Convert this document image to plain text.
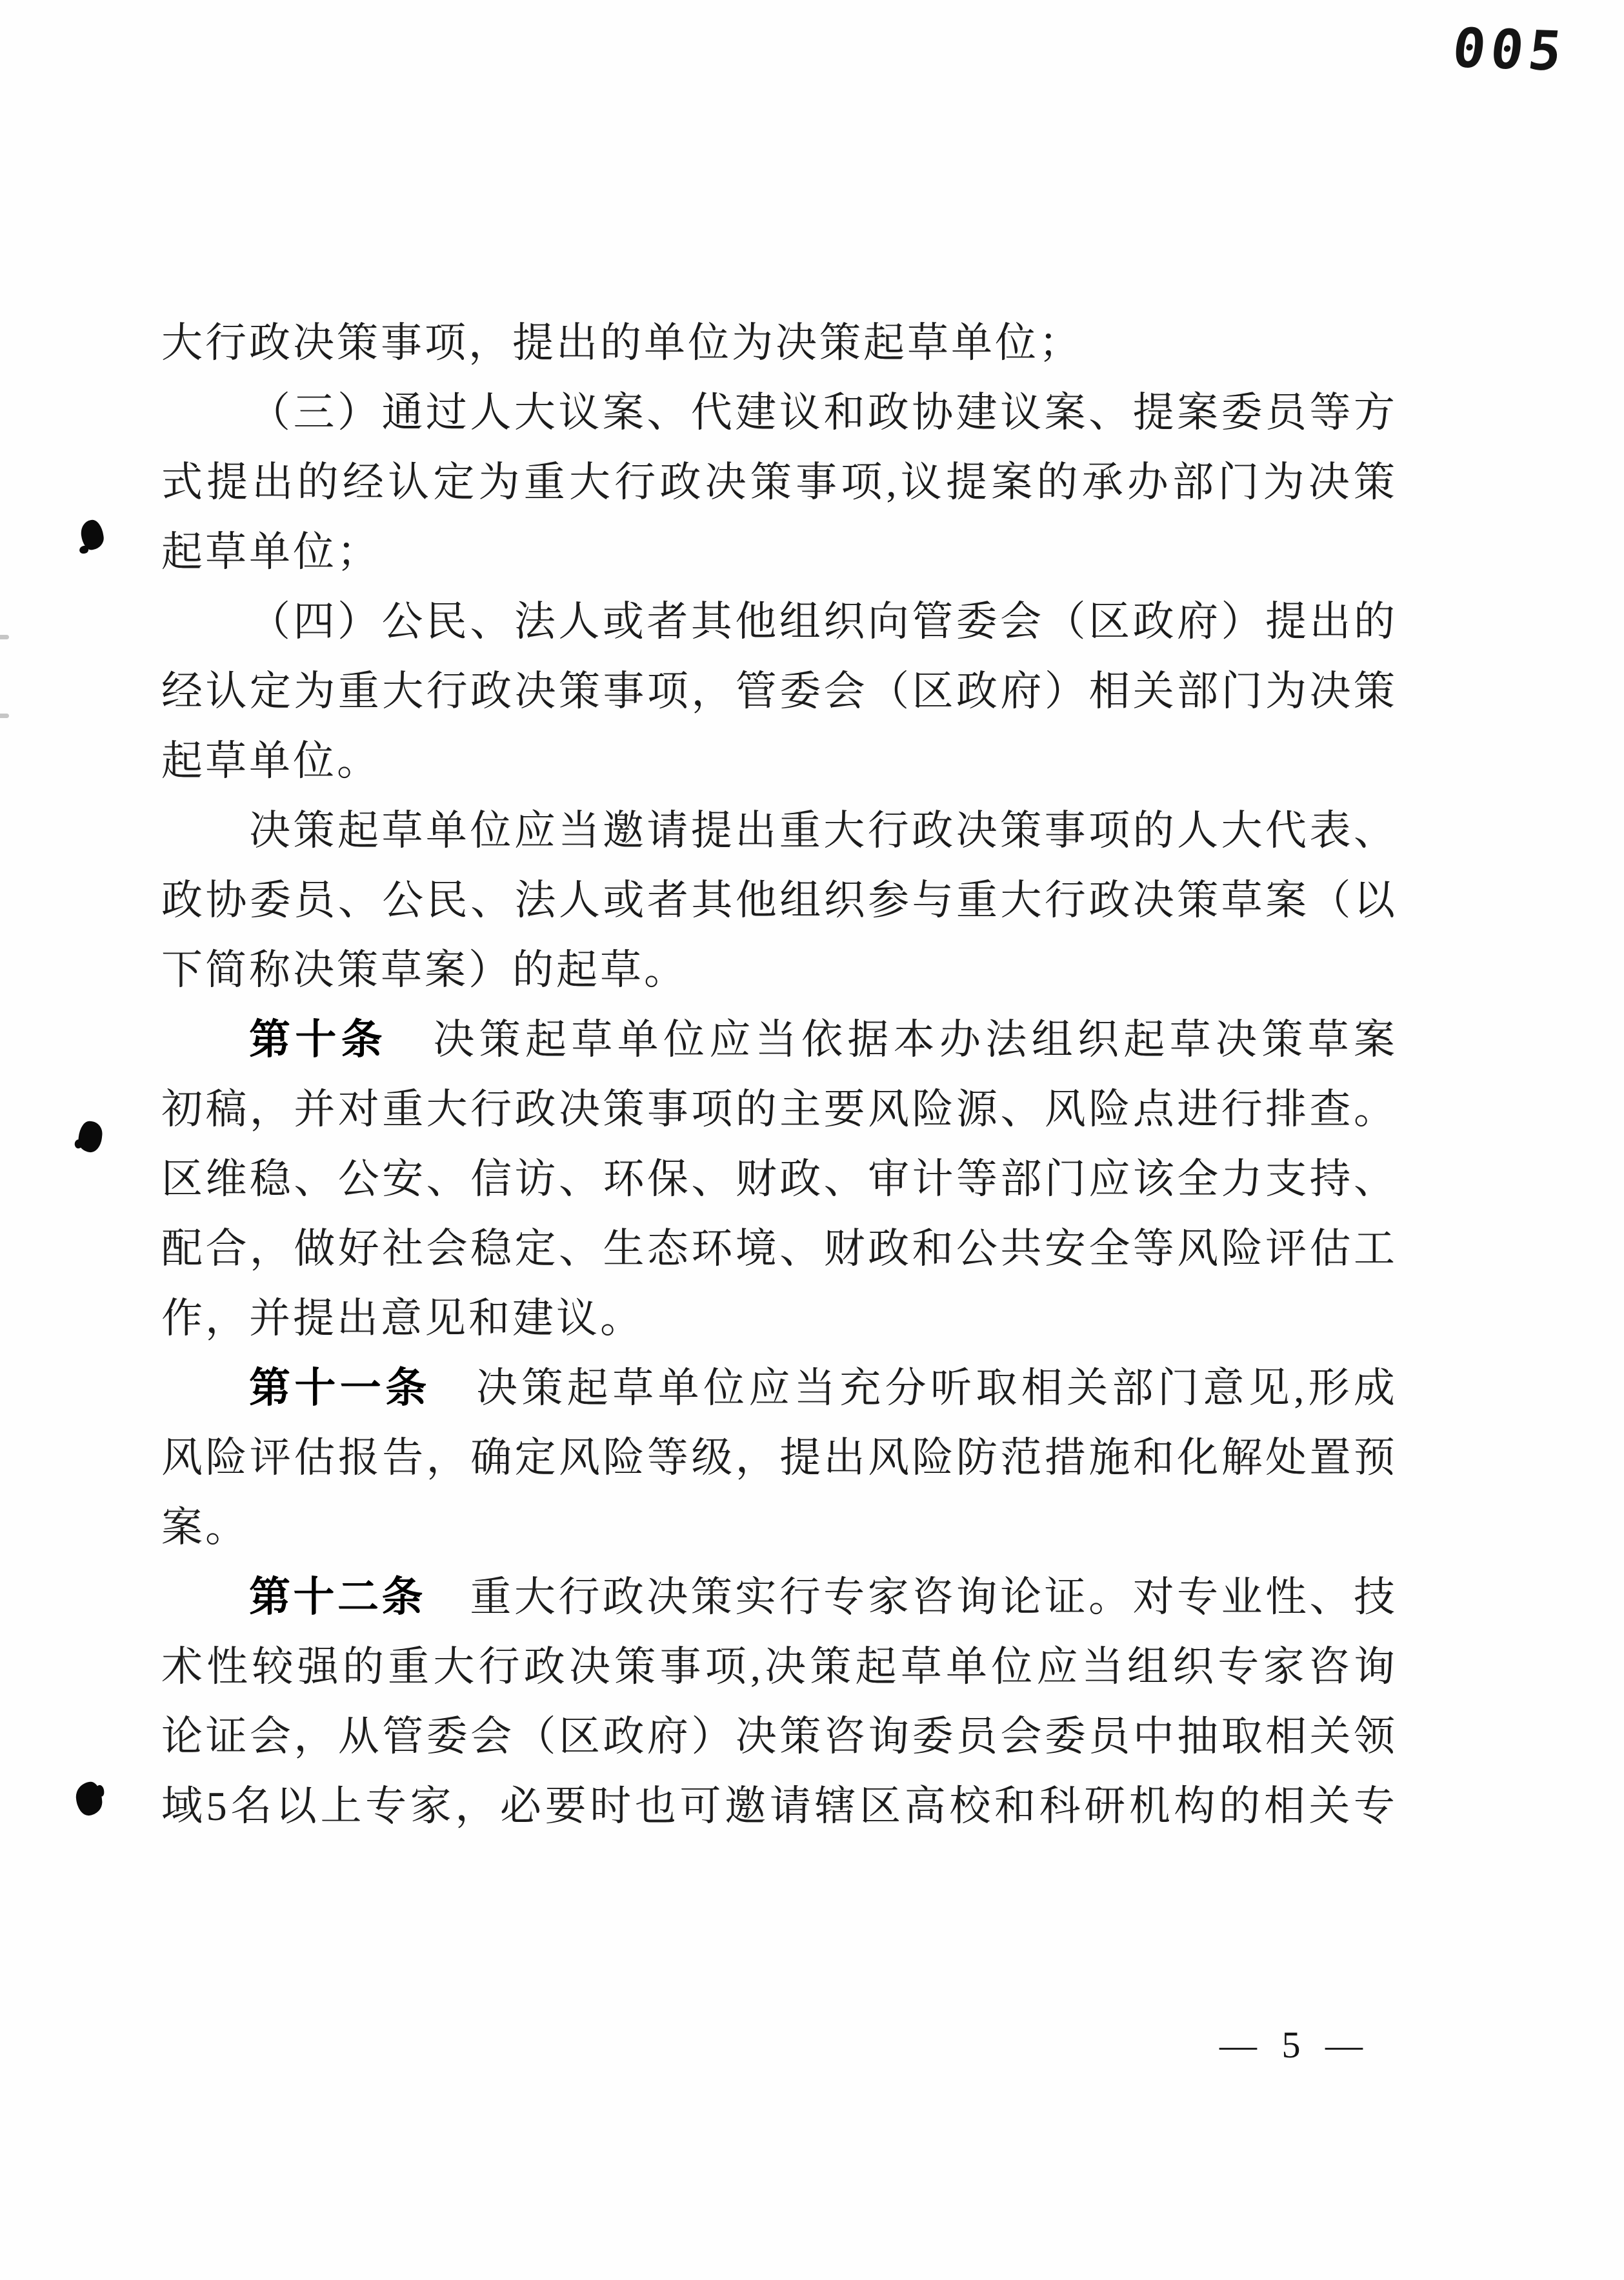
005
大行政决策事项，提出的单位为决策起草单位；
（三）通过人大议案、代建议和政协建议案、提案委员等方
式提出的经认定为重大行政决策事项,议提案的承办部门为决策
起草单位；
（四）公民、法人或者其他组织向管委会（区政府）提出的
经认定为重大行政决策事项，管委会（区政府）相关部门为决策
起草单位。
决策起草单位应当邀请提出重大行政决策事项的人大代表、
政协委员、公民、法人或者其他组织参与重大行政决策草案（以
下简称决策草案）的起草。
第十条　决策起草单位应当依据本办法组织起草决策草案
初稿，并对重大行政决策事项的主要风险源、风险点进行排查。
区维稳、公安、信访、环保、财政、审计等部门应该全力支持、
配合，做好社会稳定、生态环境、财政和公共安全等风险评估工
作，并提出意见和建议。
第十一条　决策起草单位应当充分听取相关部门意见,形成
风险评估报告，确定风险等级，提出风险防范措施和化解处置预
案。
第十二条　重大行政决策实行专家咨询论证。对专业性、技
术性较强的重大行政决策事项,决策起草单位应当组织专家咨询
论证会，从管委会（区政府）决策咨询委员会委员中抽取相关领
域5名以上专家，必要时也可邀请辖区高校和科研机构的相关专
— 5 —
